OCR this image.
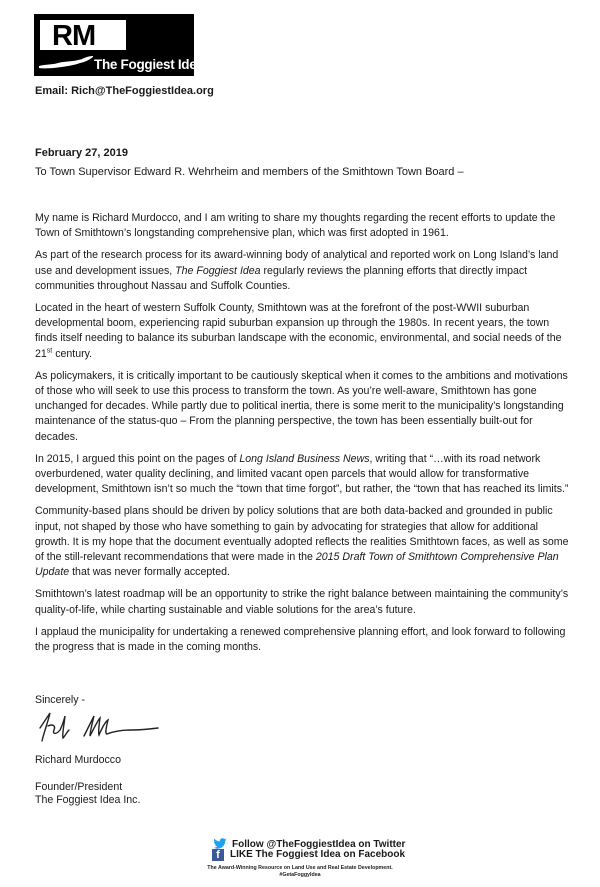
RM
The Foggiest Idea
Email: Rich@TheFoggiestIdea.org
February 27, 2019
To Town Supervisor Edward R. Wehrheim and members of the Smithtown Town Board –

My name is Richard Murdocco, and I am writing to share my thoughts regarding the recent efforts to update the Town of Smithtown’s longstanding comprehensive plan, which was first adopted in 1961.

As part of the research process for its award-winning body of analytical and reported work on Long Island’s land use and development issues, The Foggiest Idea regularly reviews the planning efforts that directly impact communities throughout Nassau and Suffolk Counties.

Located in the heart of western Suffolk County, Smithtown was at the forefront of the post-WWII suburban developmental boom, experiencing rapid suburban expansion up through the 1980s. In recent years, the town finds itself needing to balance its suburban landscape with the economic, environmental, and social needs of the 21st century.

As policymakers, it is critically important to be cautiously skeptical when it comes to the ambitions and motivations of those who will seek to use this process to transform the town. As you’re well-aware, Smithtown has gone unchanged for decades. While partly due to political inertia, there is some merit to the municipality’s longstanding maintenance of the status-quo – From the planning perspective, the town has been essentially built-out for decades.

In 2015, I argued this point on the pages of Long Island Business News, writing that “…with its road network overburdened, water quality declining, and limited vacant open parcels that would allow for transformative development, Smithtown isn’t so much the “town that time forgot”, but rather, the “town that has reached its limits.”

Community-based plans should be driven by policy solutions that are both data-backed and grounded in public input, not shaped by those who have something to gain by advocating for strategies that allow for additional growth. It is my hope that the document eventually adopted reflects the realities Smithtown faces, as well as some of the still-relevant recommendations that were made in the 2015 Draft Town of Smithtown Comprehensive Plan Update that was never formally accepted.

Smithtown’s latest roadmap will be an opportunity to strike the right balance between maintaining the community’s quality-of-life, while charting sustainable and viable solutions for the area’s future.

I applaud the municipality for undertaking a renewed comprehensive planning effort, and look forward to following the progress that is made in the coming months.

Sincerely -
Richard Murdocco
Founder/President
The Foggiest Idea Inc.
Follow @TheFoggiestIdea on Twitter
f LIKE The Foggiest Idea on Facebook
The Award-Winning Resource on Land Use and Real Estate Development.
#GetaFoggyIdea
